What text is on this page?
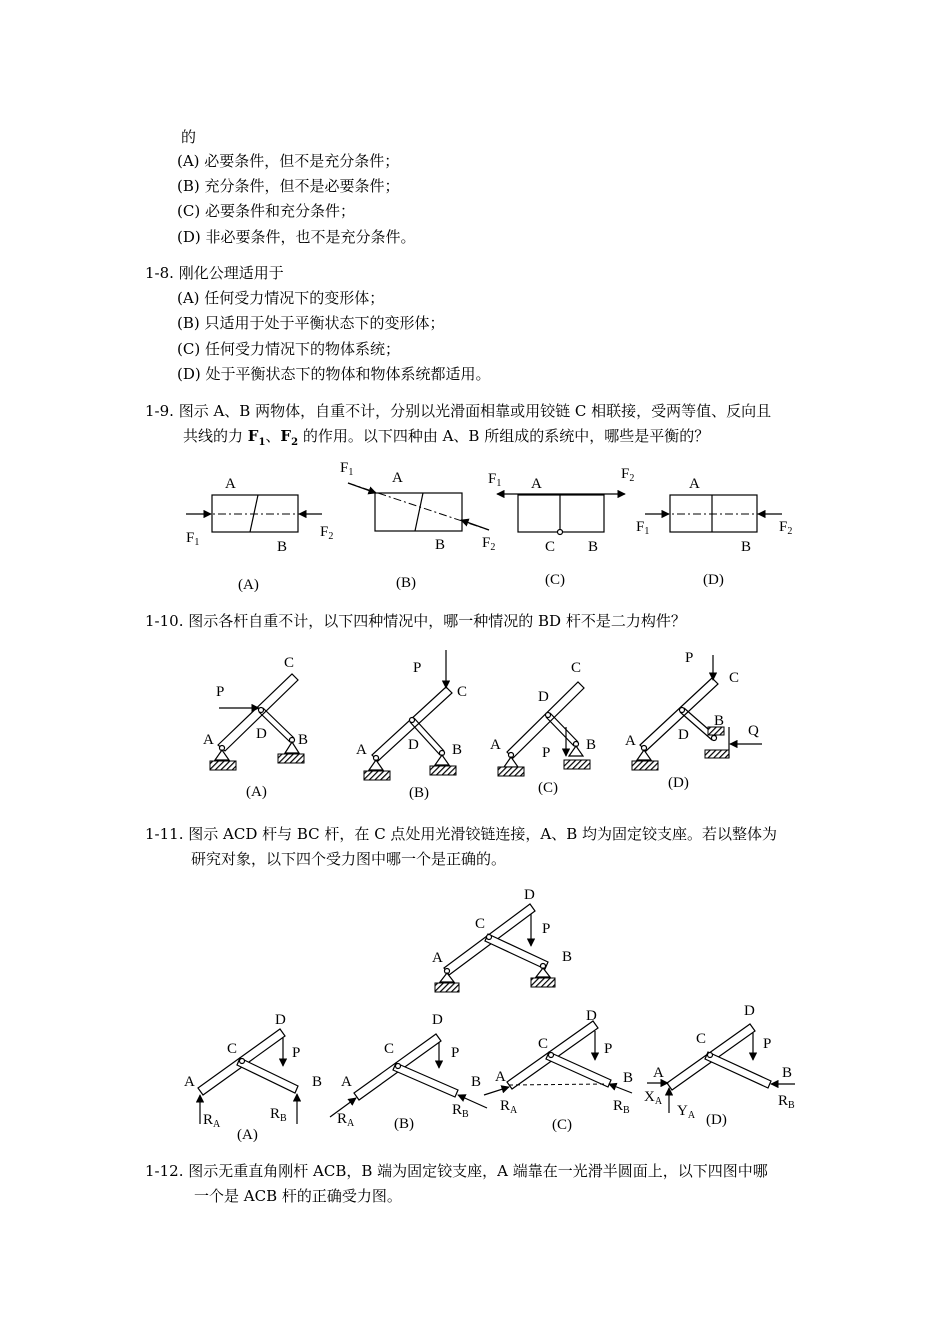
的
(A) 必要条件，但不是充分条件；
(B) 充分条件，但不是必要条件；
(C) 必要条件和充分条件；
(D) 非必要条件，也不是充分条件。
1-8. 刚化公理适用于
(A) 任何受力情况下的变形体；
(B) 只适用于处于平衡状态下的变形体；
(C) 任何受力情况下的物体系统；
(D) 处于平衡状态下的物体和物体系统都适用。
1-9. 图示 A、B 两物体，自重不计，分别以光滑面相靠或用铰链 C 相联接，受两等值、反向且
共线的力 $F_1$、$F_2$ 的作用。以下四种由 A、B 所组成的系统中，哪些是平衡的？
1-10. 图示各杆自重不计，以下四种情况中，哪一种情况的 BD 杆不是二力构件？
1-11. 图示 ACD 杆与 BC 杆，在 C 点处用光滑铰链连接，A、B 均为固定铰支座。若以整体为
研究对象，以下四个受力图中哪一个是正确的。
1-12. 图示无重直角刚杆 ACB，B 端为固定铰支座，A 端靠在一光滑半圆面上，以下四图中哪
一个是 ACB 杆的正确受力图。
A
$F_1$	B
$F_2$
(A)
$F_1$	A
B $F_2$
(B)
$F_1$ A
$F_2$
C B
(C)
A
$F_1$
B
$F_2$
(D)
C
P
A	D B
(A)
P
C
A	D B
(B)
C
D
A	P B
(C)
P
C
B
Q
A	D
(D)
D
C	P
A	B
D
C	P
A	B
$R_A$
$R_B$
(A)
D
C	P
A	B
$R_A$
$R_B$
(B)
D
C	P
A	B
$R_A$	$R_B$
(C)
D
C	P
A	B
$X_A$
$Y_A$
$R_B$
(D)
